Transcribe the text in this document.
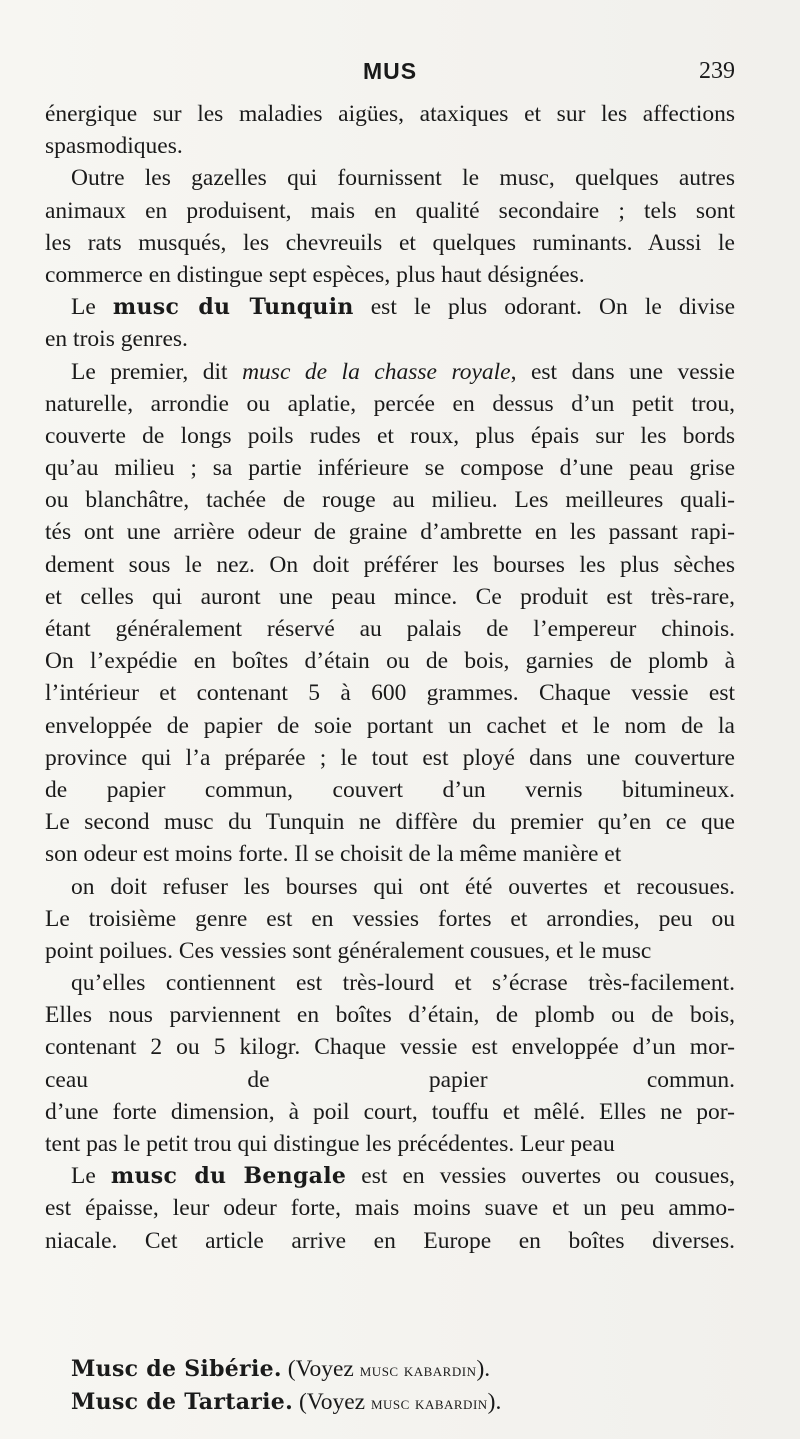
MUS	239
énergique sur les maladies aigües, ataxiques et sur les affections
spasmodiques.
Outre les gazelles qui fournissent le musc, quelques autres
animaux en produisent, mais en qualité secondaire ; tels sont
les rats musqués, les chevreuils et quelques ruminants. Aussi le
commerce en distingue sept espèces, plus haut désignées.
Le musc du Tunquin est le plus odorant. On le divise
en trois genres.
Le premier, dit musc de la chasse royale, est dans une vessie
naturelle, arrondie ou aplatie, percée en dessus d’un petit trou,
couverte de longs poils rudes et roux, plus épais sur les bords
qu’au milieu ; sa partie inférieure se compose d’une peau grise
ou blanchâtre, tachée de rouge au milieu. Les meilleures quali-
tés ont une arrière odeur de graine d’ambrette en les passant rapi-
dement sous le nez. On doit préférer les bourses les plus sèches
et celles qui auront une peau mince. Ce produit est très-rare,
étant généralement réservé au palais de l’empereur chinois.
On l’expédie en boîtes d’étain ou de bois, garnies de plomb à
l’intérieur et contenant 5 à 600 grammes. Chaque vessie est
enveloppée de papier de soie portant un cachet et le nom de la
province qui l’a préparée ; le tout est ployé dans une couverture
de papier commun, couvert d’un vernis bitumineux.
Le second musc du Tunquin ne diffère du premier qu’en ce que
son odeur est moins forte. Il se choisit de la même manière et
on doit refuser les bourses qui ont été ouvertes et recousues.
Le troisième genre est en vessies fortes et arrondies, peu ou
point poilues. Ces vessies sont généralement cousues, et le musc
qu’elles contiennent est très-lourd et s’écrase très-facilement.
Elles nous parviennent en boîtes d’étain, de plomb ou de bois,
contenant 2 ou 5 kilogr. Chaque vessie est enveloppée d’un mor-
ceau de papier commun.
d’une forte dimension, à poil court, touffu et mêlé. Elles ne por-
tent pas le petit trou qui distingue les précédentes. Leur peau
Le musc du Bengale est en vessies ouvertes ou cousues,
est épaisse, leur odeur forte, mais moins suave et un peu ammo-
niacale. Cet article arrive en Europe en boîtes diverses.
Musc de Sibérie. (Voyez musc kabardin).
Musc de Tartarie. (Voyez musc kabardin).
